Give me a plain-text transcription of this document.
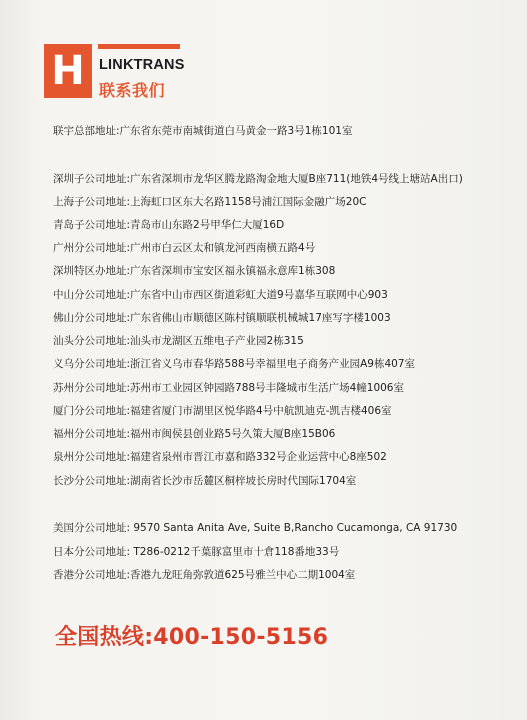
H LINKTRANS
联系我们
联宇总部地址:广东省东莞市南城街道白马黄金一路3号1栋101室
深圳子公司地址:广东省深圳市龙华区腾龙路淘金地大厦B座711(地铁4号线上塘站A出口)
上海子公司地址:上海虹口区东大名路1158号浦江国际金融广场20C
青岛子公司地址:青岛市山东路2号甲华仁大厦16D
广州分公司地址:广州市白云区太和镇龙河西南横五路4号
深圳特区办地址:广东省深圳市宝安区福永镇福永意库1栋308
中山分公司地址:广东省中山市西区街道彩虹大道9号嘉华互联网中心903
佛山分公司地址:广东省佛山市顺德区陈村镇顺联机械城17座写字楼1003
汕头分公司地址:汕头市龙湖区五维电子产业园2栋315
义乌分公司地址:浙江省义乌市春华路588号幸福里电子商务产业园A9栋407室
苏州分公司地址:苏州市工业园区钟园路788号丰隆城市生活广场4幢1006室
厦门分公司地址:福建省厦门市湖里区悦华路4号中航凯迪克-凯吉楼406室
福州分公司地址:福州市闽侯县创业路5号久策大厦B座15B06
泉州分公司地址:福建省泉州市晋江市嘉和路332号企业运营中心8座502
长沙分公司地址:湖南省长沙市岳麓区桐梓坡长房时代国际1704室
美国分公司地址: 9570 Santa Anita Ave, Suite B,Rancho Cucamonga, CA 91730
日本分公司地址: T286-0212千葉豚富里市十倉118番地33号
香港分公司地址:香港九龙旺角弥敦道625号雅兰中心二期1004室
全国热线:400-150-5156
